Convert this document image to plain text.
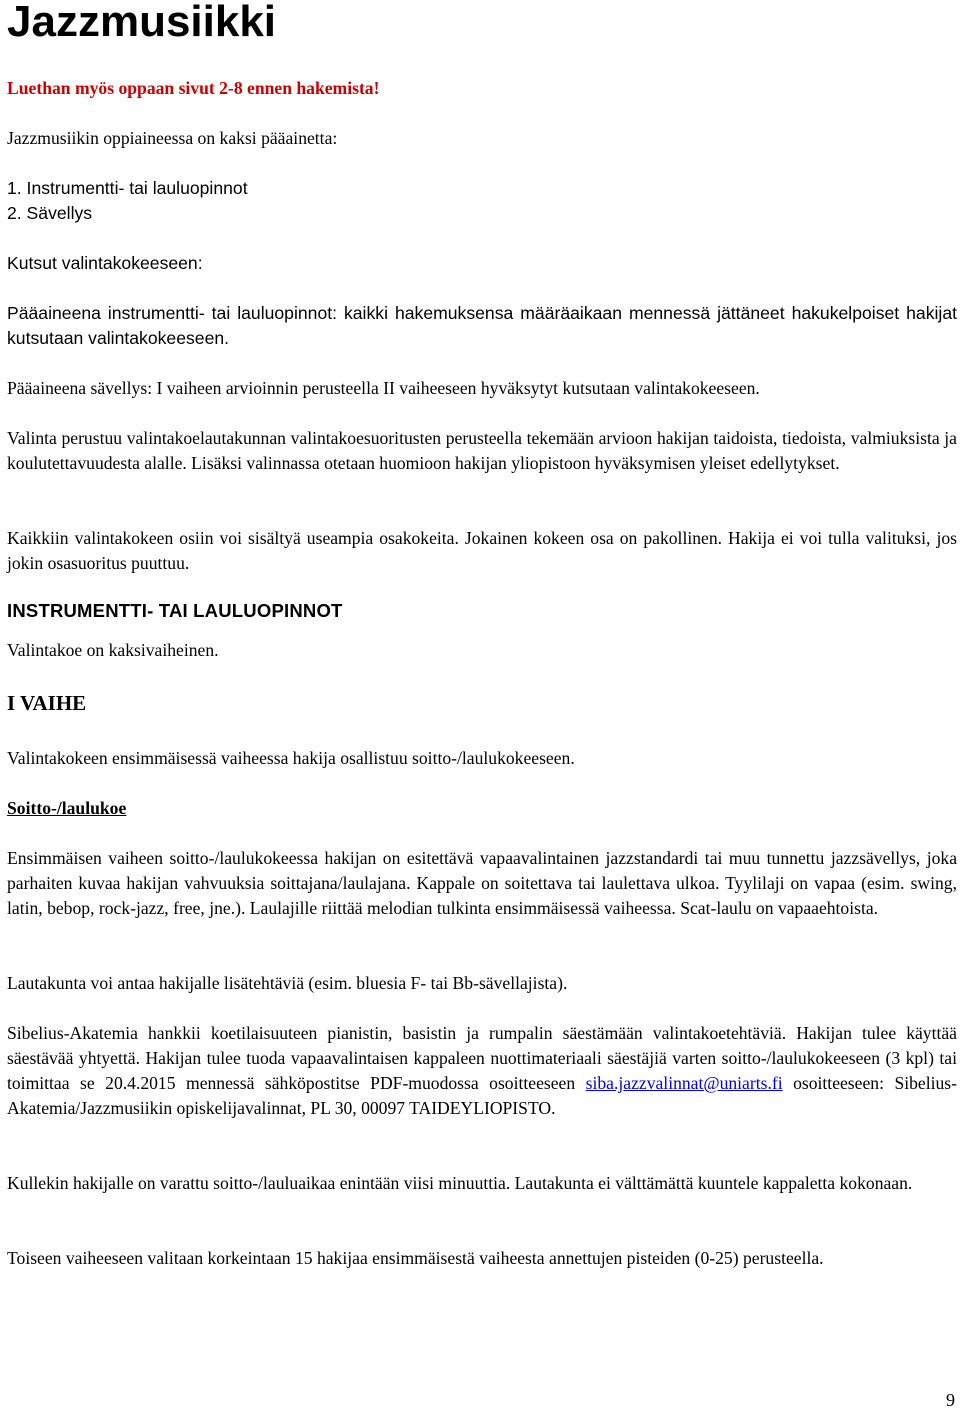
Jazzmusiikki

Luethan myös oppaan sivut 2-8 ennen hakemista!

Jazzmusiikin oppiaineessa on kaksi pääainetta:

1. Instrumentti- tai lauluopinnot
2. Sävellys
Kutsut valintakokeeseen:

Pääaineena instrumentti- tai lauluopinnot: kaikki hakemuksensa määräaikaan mennessä jättäneet hakukelpoiset hakijat kutsutaan valintakokeeseen.

Pääaineena sävellys: I vaiheen arvioinnin perusteella II vaiheeseen hyväksytyt kutsutaan valintakokeeseen.

Valinta perustuu valintakoelautakunnan valintakoesuoritusten perusteella tekemään arvioon hakijan taidoista, tiedoista, valmiuksista ja koulutettavuudesta alalle. Lisäksi valinnassa otetaan huomioon hakijan yliopistoon hyväksymisen yleiset edellytykset.

Kaikkiin valintakokeen osiin voi sisältyä useampia osakokeita. Jokainen kokeen osa on pakollinen. Hakija ei voi tulla valituksi, jos jokin osasuoritus puuttuu.

INSTRUMENTTI- TAI LAULUOPINNOT

Valintakoe on kaksivaiheinen.

I VAIHE

Valintakokeen ensimmäisessä vaiheessa hakija osallistuu soitto-/laulukokeeseen.

Soitto-/laulukoe

Ensimmäisen vaiheen soitto-/laulukokeessa hakijan on esitettävä vapaavalintainen jazzstandardi tai muu tunnettu jazzsävellys, joka parhaiten kuvaa hakijan vahvuuksia soittajana/laulajana. Kappale on soitettava tai laulettava ulkoa. Tyylilaji on vapaa (esim. swing, latin, bebop, rock-jazz, free, jne.). Laulajille riittää melodian tulkinta ensimmäisessä vaiheessa. Scat-laulu on vapaaehtoista.

Lautakunta voi antaa hakijalle lisätehtäviä (esim. bluesia F- tai Bb-sävellajista).

Sibelius-Akatemia hankkii koetilaisuuteen pianistin, basistin ja rumpalin säestämään valintakoetehtäviä. Hakijan tulee käyttää säestävää yhtyettä. Hakijan tulee tuoda vapaavalintaisen kappaleen nuottimateriaali säestäjiä varten soitto-/laulukokeeseen (3 kpl) tai toimittaa se 20.4.2015 mennessä sähköpostitse PDF-muodossa osoitteeseen siba.jazzvalinnat@uniarts.fi osoitteeseen: Sibelius-Akatemia/Jazzmusiikin opiskelijavalinnat, PL 30, 00097 TAIDEYLIOPISTO.

Kullekin hakijalle on varattu soitto-/lauluaikaa enintään viisi minuuttia. Lautakunta ei välttämättä kuuntele kappaletta kokonaan.

Toiseen vaiheeseen valitaan korkeintaan 15 hakijaa ensimmäisestä vaiheesta annettujen pisteiden (0-25) perusteella.

9
